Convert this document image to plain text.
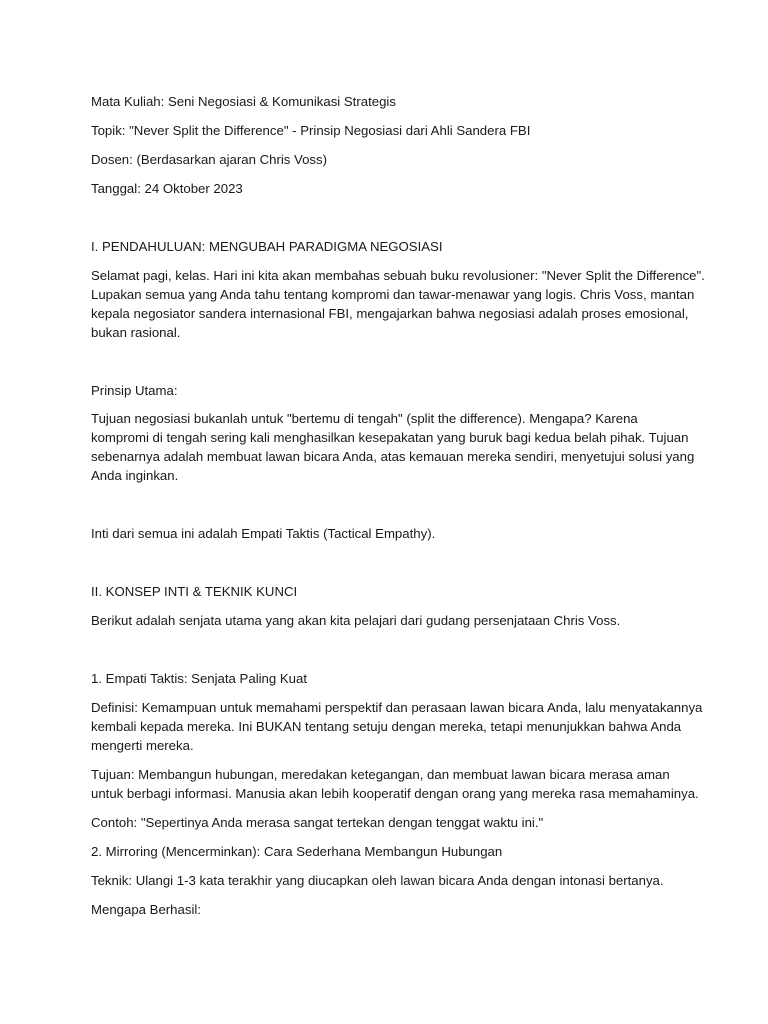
Mata Kuliah: Seni Negosiasi & Komunikasi Strategis

Topik: "Never Split the Difference" - Prinsip Negosiasi dari Ahli Sandera FBI

Dosen: (Berdasarkan ajaran Chris Voss)

Tanggal: 24 Oktober 2023

I. PENDAHULUAN: MENGUBAH PARADIGMA NEGOSIASI

Selamat pagi, kelas. Hari ini kita akan membahas sebuah buku revolusioner: "Never Split the Difference".

Lupakan semua yang Anda tahu tentang kompromi dan tawar-menawar yang logis. Chris Voss, mantan

kepala negosiator sandera internasional FBI, mengajarkan bahwa negosiasi adalah proses emosional,

bukan rasional.

Prinsip Utama:

Tujuan negosiasi bukanlah untuk "bertemu di tengah" (split the difference). Mengapa? Karena

kompromi di tengah sering kali menghasilkan kesepakatan yang buruk bagi kedua belah pihak. Tujuan

sebenarnya adalah membuat lawan bicara Anda, atas kemauan mereka sendiri, menyetujui solusi yang

Anda inginkan.

Inti dari semua ini adalah Empati Taktis (Tactical Empathy).

II. KONSEP INTI & TEKNIK KUNCI

Berikut adalah senjata utama yang akan kita pelajari dari gudang persenjataan Chris Voss.

1. Empati Taktis: Senjata Paling Kuat

Definisi: Kemampuan untuk memahami perspektif dan perasaan lawan bicara Anda, lalu menyatakannya

kembali kepada mereka. Ini BUKAN tentang setuju dengan mereka, tetapi menunjukkan bahwa Anda

mengerti mereka.

Tujuan: Membangun hubungan, meredakan ketegangan, dan membuat lawan bicara merasa aman

untuk berbagi informasi. Manusia akan lebih kooperatif dengan orang yang mereka rasa memahaminya.

Contoh: "Sepertinya Anda merasa sangat tertekan dengan tenggat waktu ini."

2. Mirroring (Mencerminkan): Cara Sederhana Membangun Hubungan

Teknik: Ulangi 1-3 kata terakhir yang diucapkan oleh lawan bicara Anda dengan intonasi bertanya.

Mengapa Berhasil:
